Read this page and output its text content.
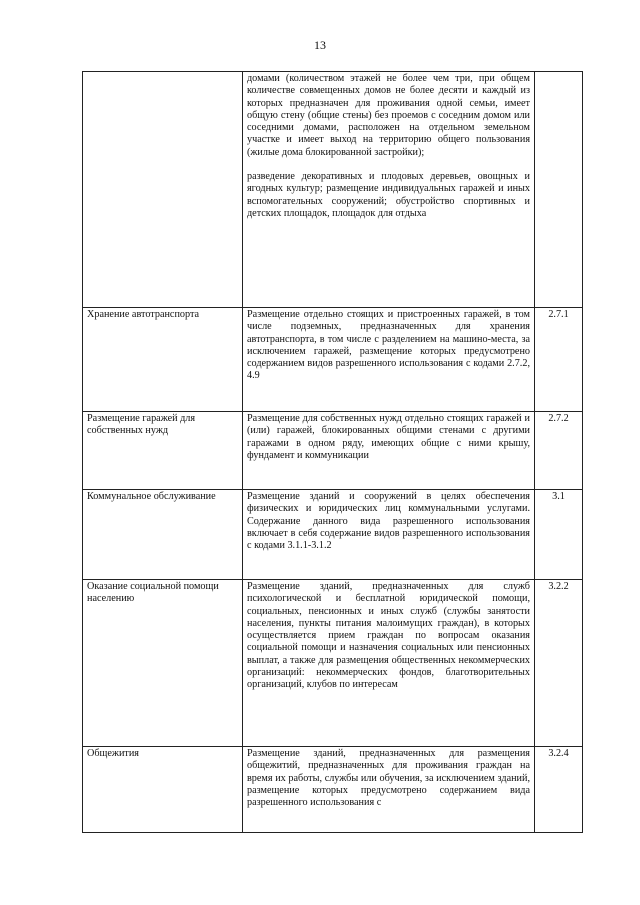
13

	домами (количеством этажей не более чем три, при общем количестве совмещенных домов не более десяти и каждый из которых предназначен для проживания одной семьи, имеет общую стену (общие стены) без проемов с соседним домом или соседними домами, расположен на отдельном земельном участке и имеет выход на территорию общего пользования (жилые дома блокированной застройки);
разведение декоративных и плодовых деревьев, овощных и ягодных культур; размещение индивидуальных гаражей и иных вспомогательных сооружений; обустройство спортивных и детских площадок, площадок для отдыха	

Хранение автотранспорта	Размещение отдельно стоящих и пристроенных гаражей, в том числе подземных, предназначенных для хранения автотранспорта, в том числе с разделением на машино-места, за исключением гаражей, размещение которых предусмотрено содержанием видов разрешенного использования с кодами 2.7.2, 4.9	2.7.1
Размещение гаражей для собственных нужд	Размещение для собственных нужд отдельно стоящих гаражей и (или) гаражей, блокированных общими стенами с другими гаражами в одном ряду, имеющих общие с ними крышу, фундамент и коммуникации	2.7.2
Коммунальное обслуживание	Размещение зданий и сооружений в целях обеспечения физических и юридических лиц коммунальными услугами. Содержание данного вида разрешенного использования включает в себя содержание видов разрешенного использования с кодами 3.1.1-3.1.2	3.1
Оказание социальной помощи населению	Размещение зданий, предназначенных для служб психологической и бесплатной юридической помощи, социальных, пенсионных и иных служб (службы занятости населения, пункты питания малоимущих граждан), в которых осуществляется прием граждан по вопросам оказания социальной помощи и назначения социальных или пенсионных выплат, а также для размещения общественных некоммерческих организаций: некоммерческих фондов, благотворительных организаций, клубов по интересам	3.2.2
Общежития	Размещение зданий, предназначенных для размещения общежитий, предназначенных для проживания граждан на время их работы, службы или обучения, за исключением зданий, размещение которых предусмотрено содержанием вида разрешенного использования с	3.2.4
